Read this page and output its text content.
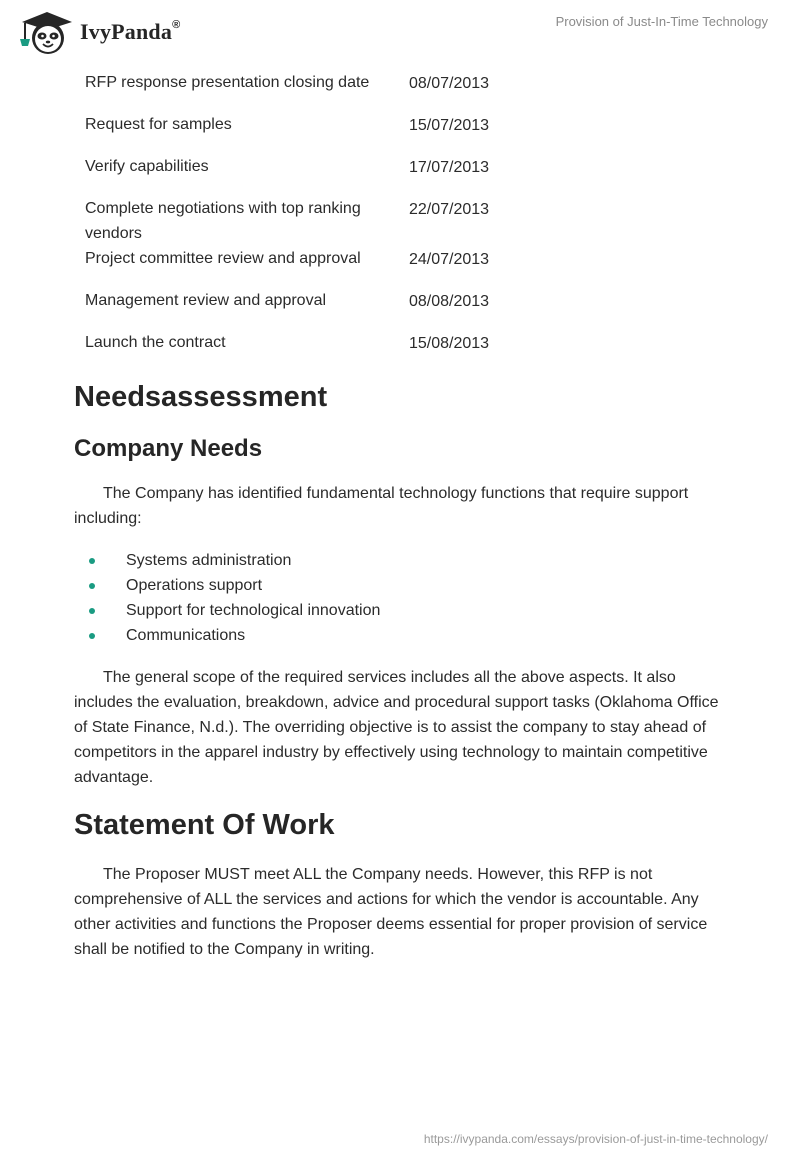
IvyPanda®	Provision of Just-In-Time Technology
RFP response presentation closing date	08/07/2013
Request for samples	15/07/2013
Verify capabilities	17/07/2013
Complete negotiations with top ranking vendors	22/07/2013
Project committee review and approval	24/07/2013
Management review and approval	08/08/2013
Launch the contract	15/08/2013
Needsassessment
Company Needs

The Company has identified fundamental technology functions that require support including:

Systems administration
Operations support
Support for technological innovation
Communications

The general scope of the required services includes all the above aspects. It also includes the evaluation, breakdown, advice and procedural support tasks (Oklahoma Office of State Finance, N.d.). The overriding objective is to assist the company to stay ahead of competitors in the apparel industry by effectively using technology to maintain competitive advantage.

Statement Of Work

The Proposer MUST meet ALL the Company needs. However, this RFP is not comprehensive of ALL the services and actions for which the vendor is accountable. Any other activities and functions the Proposer deems essential for proper provision of service shall be notified to the Company in writing.

https://ivypanda.com/essays/provision-of-just-in-time-technology/
